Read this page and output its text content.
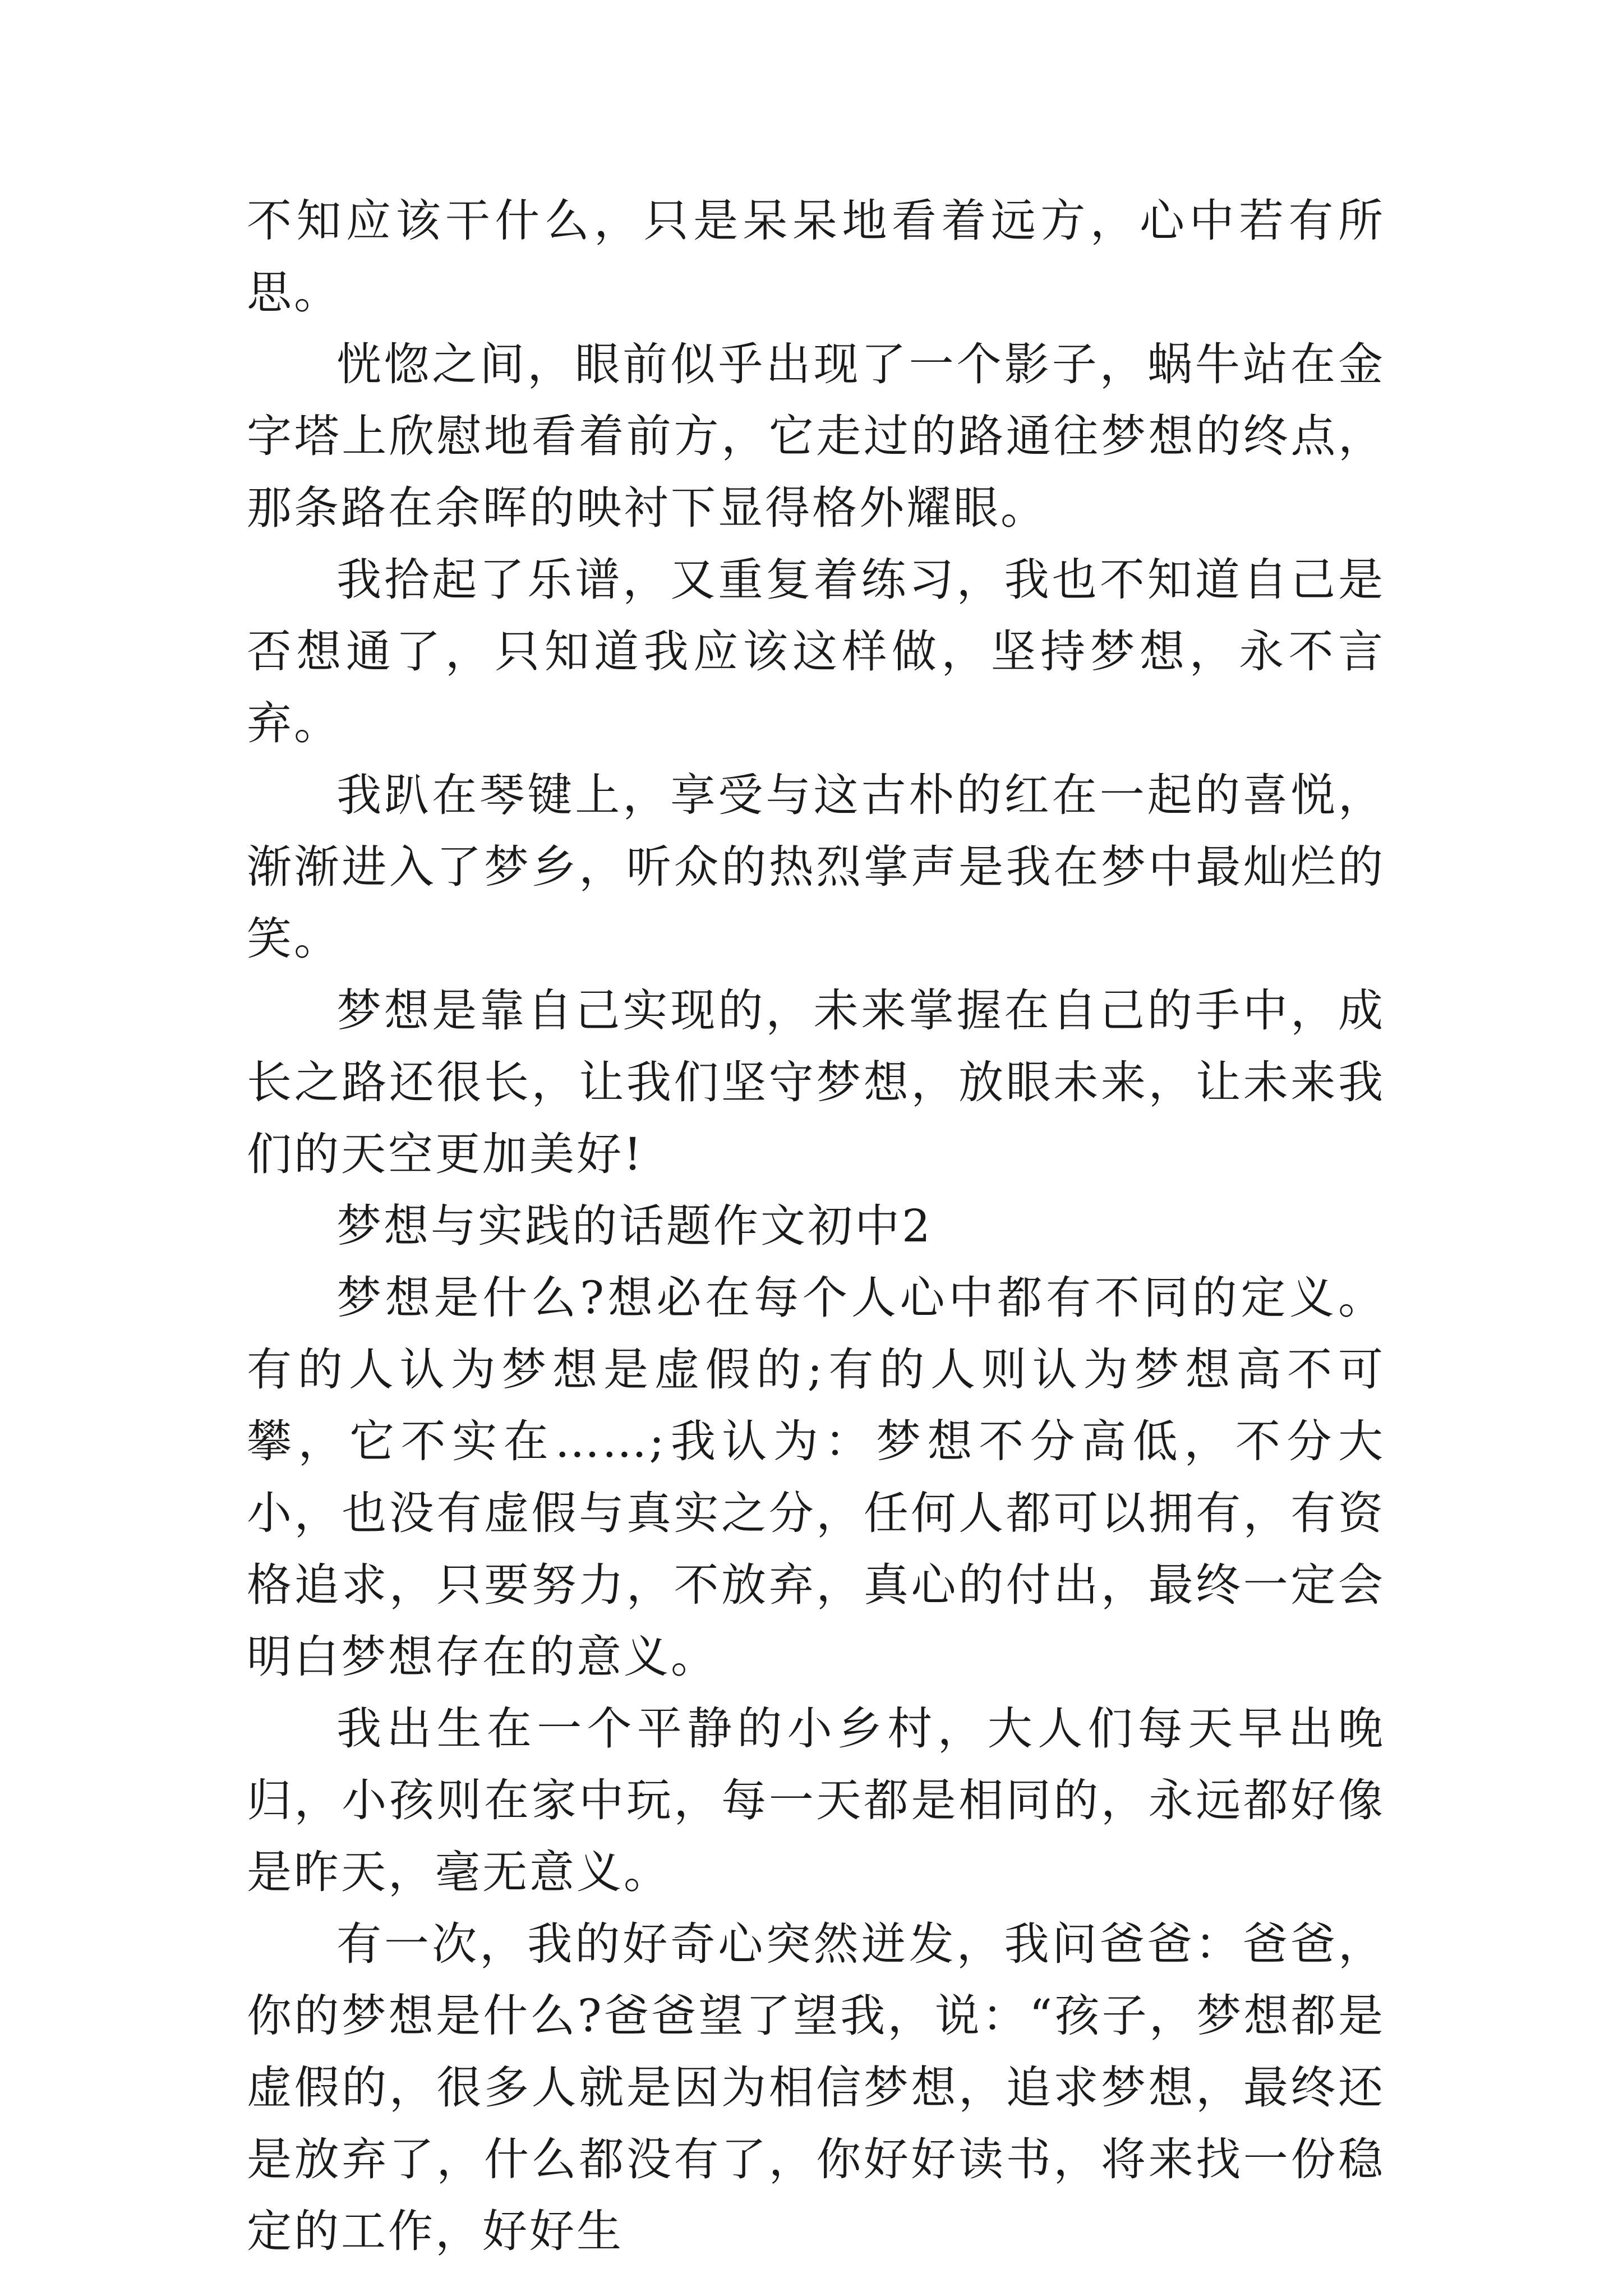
不知应该干什么，只是呆呆地看着远方，心中若有所思。

恍惚之间，眼前似乎出现了一个影子，蜗牛站在金字塔上欣慰地看着前方，它走过的路通往梦想的终点，那条路在余晖的映衬下显得格外耀眼。

我拾起了乐谱，又重复着练习，我也不知道自己是否想通了，只知道我应该这样做，坚持梦想，永不言弃。

我趴在琴键上，享受与这古朴的红在一起的喜悦，渐渐进入了梦乡，听众的热烈掌声是我在梦中最灿烂的笑。

梦想是靠自己实现的，未来掌握在自己的手中，成长之路还很长，让我们坚守梦想，放眼未来，让未来我们的天空更加美好!

梦想与实践的话题作文初中2

梦想是什么?想必在每个人心中都有不同的定义。有的人认为梦想是虚假的;有的人则认为梦想高不可攀，它不实在……;我认为：梦想不分高低，不分大小，也没有虚假与真实之分，任何人都可以拥有，有资格追求，只要努力，不放弃，真心的付出，最终一定会明白梦想存在的意义。

我出生在一个平静的小乡村，大人们每天早出晚归，小孩则在家中玩，每一天都是相同的，永远都好像是昨天，毫无意义。

有一次，我的好奇心突然迸发，我问爸爸：爸爸，你的梦想是什么?爸爸望了望我，说：“孩子，梦想都是虚假的，很多人就是因为相信梦想，追求梦想，最终还是放弃了，什么都没有了，你好好读书，将来找一份稳定的工作，好好生
